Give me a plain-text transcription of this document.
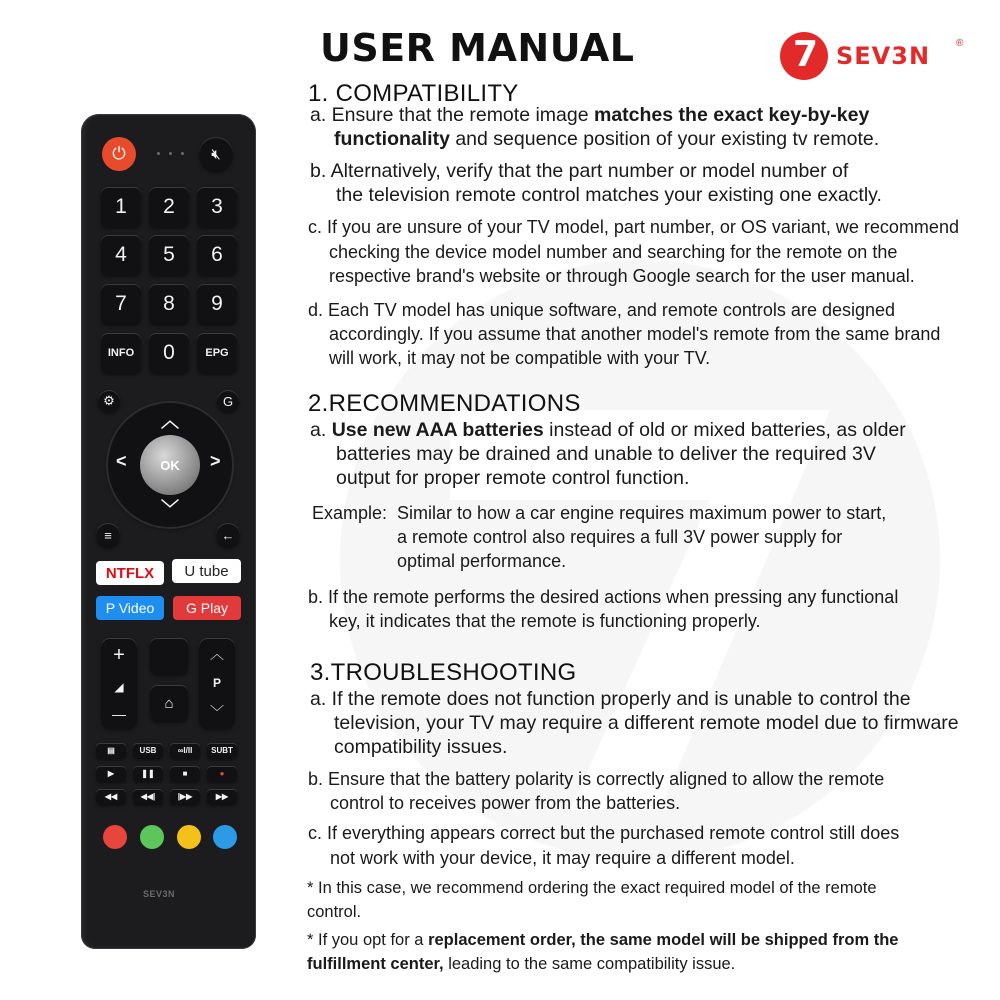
USER MANUAL	7 SEV3N	®
1. COMPATIBILITY
a. Ensure that the remote image matches the exact key-by-key
functionality and sequence position of your existing tv remote.
b. Alternatively, verify that the part number or model number of
the television remote control matches your existing one exactly.
c. If you are unsure of your TV model, part number, or OS variant, we recommend
checking the device model number and searching for the remote on the
respective brand's website or through Google search for the user manual.
d. Each TV model has unique software, and remote controls are designed
accordingly. If you assume that another model's remote from the same brand
will work, it may not be compatible with your TV.
2.RECOMMENDATIONS
a. Use new AAA batteries instead of old or mixed batteries, as older
batteries may be drained and unable to deliver the required 3V
output for proper remote control function.
Example:  Similar to how a car engine requires maximum power to start,
a remote control also requires a full 3V power supply for
optimal performance.
b. If the remote performs the desired actions when pressing any functional
key, it indicates that the remote is functioning properly.
3.TROUBLESHOOTING
a. If the remote does not function properly and is unable to control the
television, your TV may require a different remote model due to firmware
compatibility issues.
b. Ensure that the battery polarity is correctly aligned to allow the remote
control to receives power from the batteries.
c. If everything appears correct but the purchased remote control still does
not work with your device, it may require a different model.
* In this case, we recommend ordering the exact required model of the remote
control.
* If you opt for a replacement order, the same model will be shipped from the
fulfillment center, leading to the same compatibility issue.
⏻	🔇︎
1	2	3
4	5	6
7	8	9
INFO	0	EPG
⚙	G
︿
﹀
<	>
OK
≡	←
NTFLX	U tube
P Video	G Play
+
◢
—
⌂
︿
P
﹀
▤	USB	∞I/II	SUBT
▶	❚❚	■	●
◀◀	◀◀|	|▶▶	▶▶
SEV3N
